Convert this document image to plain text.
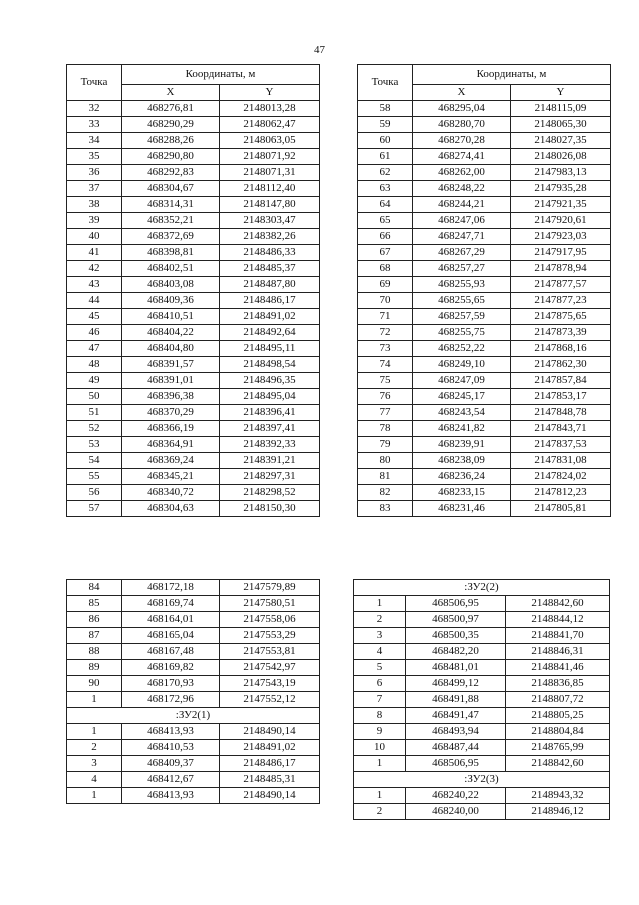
47
Точка	Координаты, м	
	X	Y
32	468276,81	2148013,28
33	468290,29	2148062,47
34	468288,26	2148063,05
35	468290,80	2148071,92
36	468292,83	2148071,31
37	468304,67	2148112,40
38	468314,31	2148147,80
39	468352,21	2148303,47
40	468372,69	2148382,26
41	468398,81	2148486,33
42	468402,51	2148485,37
43	468403,08	2148487,80
44	468409,36	2148486,17
45	468410,51	2148491,02
46	468404,22	2148492,64
47	468404,80	2148495,11
48	468391,57	2148498,54
49	468391,01	2148496,35
50	468396,38	2148495,04
51	468370,29	2148396,41
52	468366,19	2148397,41
53	468364,91	2148392,33
54	468369,24	2148391,21
55	468345,21	2148297,31
56	468340,72	2148298,52
57	468304,63	2148150,30
Точка	Координаты, м	
	X	Y
58	468295,04	2148115,09
59	468280,70	2148065,30
60	468270,28	2148027,35
61	468274,41	2148026,08
62	468262,00	2147983,13
63	468248,22	2147935,28
64	468244,21	2147921,35
65	468247,06	2147920,61
66	468247,71	2147923,03
67	468267,29	2147917,95
68	468257,27	2147878,94
69	468255,93	2147877,57
70	468255,65	2147877,23
71	468257,59	2147875,65
72	468255,75	2147873,39
73	468252,22	2147868,16
74	468249,10	2147862,30
75	468247,09	2147857,84
76	468245,17	2147853,17
77	468243,54	2147848,78
78	468241,82	2147843,71
79	468239,91	2147837,53
80	468238,09	2147831,08
81	468236,24	2147824,02
82	468233,15	2147812,23
83	468231,46	2147805,81
84	468172,18	2147579,89
85	468169,74	2147580,51
86	468164,01	2147558,06
87	468165,04	2147553,29
88	468167,48	2147553,81
89	468169,82	2147542,97
90	468170,93	2147543,19
1	468172,96	2147552,12
:ЗУ2(1)		
1	468413,93	2148490,14
2	468410,53	2148491,02
3	468409,37	2148486,17
4	468412,67	2148485,31
1	468413,93	2148490,14
:ЗУ2(2)		
1	468506,95	2148842,60
2	468500,97	2148844,12
3	468500,35	2148841,70
4	468482,20	2148846,31
5	468481,01	2148841,46
6	468499,12	2148836,85
7	468491,88	2148807,72
8	468491,47	2148805,25
9	468493,94	2148804,84
10	468487,44	2148765,99
1	468506,95	2148842,60
:ЗУ2(3)		
1	468240,22	2148943,32
2	468240,00	2148946,12
